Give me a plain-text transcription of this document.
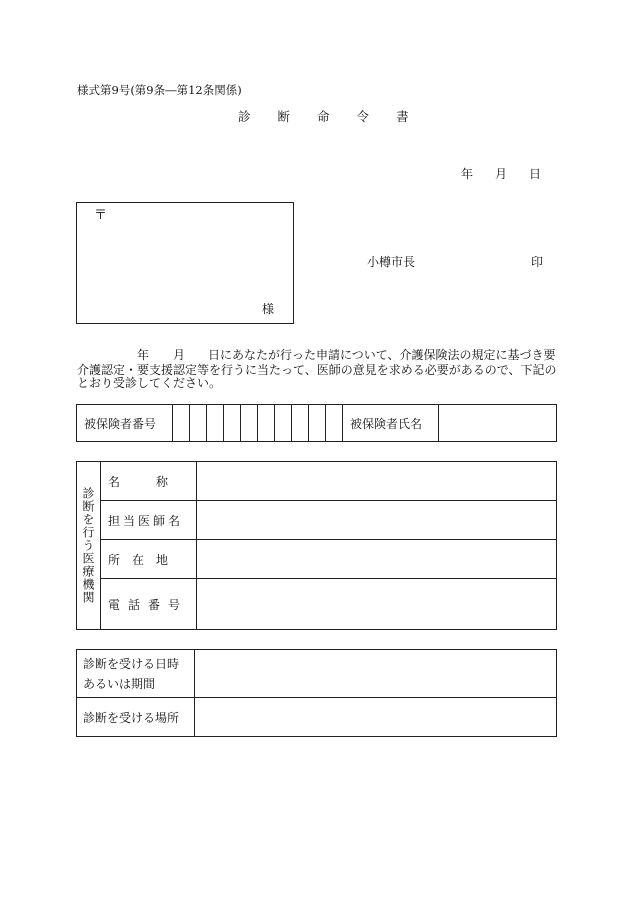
様式第9号(第9条―第12条関係)
診 断 命 令 書
年 月 日
〒
様
小樽市長	印
年 月 日にあなたが行った申請について、介護保険法の規定に基づき要
介護認定・要支援認定等を行うに当たって、医師の意見を求める必要があるので、下記の
とおり受診してください。
被保険者番号											被保険者氏名	
診断を行う医療機関	名　　　称	
	担当医師名	
	所　在　地	
	電話番号	
診断を受ける日時
あるいは期間	

診断を受ける場所	
